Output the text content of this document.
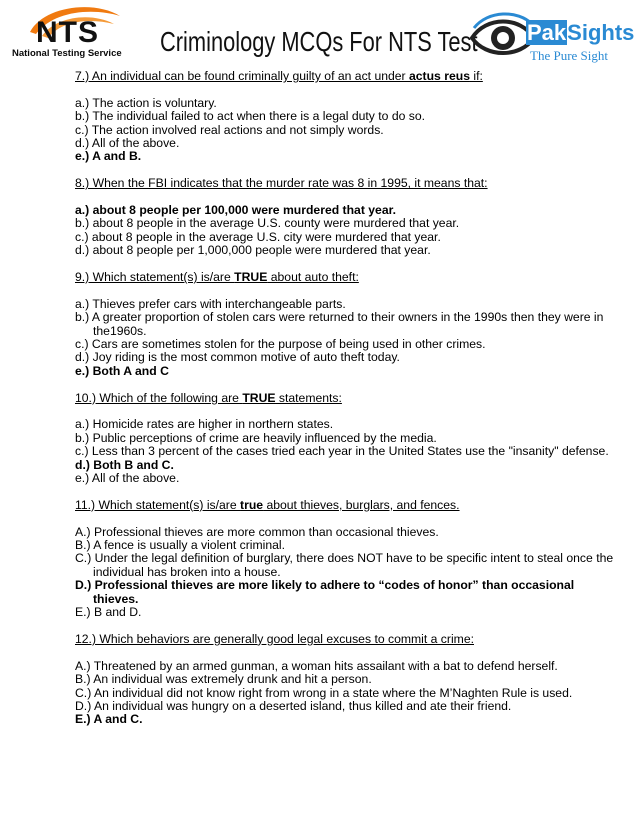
NTS
National Testing Service Criminology MCQs For NTS Test PakSights
The Pure Sight

7.) An individual can be found criminally guilty of an act under actus reus if:

a.) The action is voluntary.

b.) The individual failed to act when there is a legal duty to do so.

c.) The action involved real actions and not simply words.

d.) All of the above.

e.) A and B.

8.) When the FBI indicates that the murder rate was 8 in 1995, it means that:

a.) about 8 people per 100,000 were murdered that year.

b.) about 8 people in the average U.S. county were murdered that year.

c.) about 8 people in the average U.S. city were murdered that year.

d.) about 8 people per 1,000,000 people were murdered that year.

9.) Which statement(s) is/are TRUE about auto theft:

a.) Thieves prefer cars with interchangeable parts.

b.) A greater proportion of stolen cars were returned to their owners in the 1990s then they were in the1960s.

c.) Cars are sometimes stolen for the purpose of being used in other crimes.

d.) Joy riding is the most common motive of auto theft today.

e.) Both A and C

10.) Which of the following are TRUE statements:

a.) Homicide rates are higher in northern states.

b.) Public perceptions of crime are heavily influenced by the media.

c.) Less than 3 percent of the cases tried each year in the United States use the "insanity" defense.

d.) Both B and C.

e.) All of the above.

11.) Which statement(s) is/are true about thieves, burglars, and fences.

A.) Professional thieves are more common than occasional thieves.

B.) A fence is usually a violent criminal.

C.) Under the legal definition of burglary, there does NOT have to be specific intent to steal once the individual has broken into a house.

D.) Professional thieves are more likely to adhere to “codes of honor” than occasional thieves.

E.) B and D.

12.) Which behaviors are generally good legal excuses to commit a crime:

A.) Threatened by an armed gunman, a woman hits assailant with a bat to defend herself.

B.) An individual was extremely drunk and hit a person.

C.) An individual did not know right from wrong in a state where the M’Naghten Rule is used.

D.) An individual was hungry on a deserted island, thus killed and ate their friend.

E.) A and C.
